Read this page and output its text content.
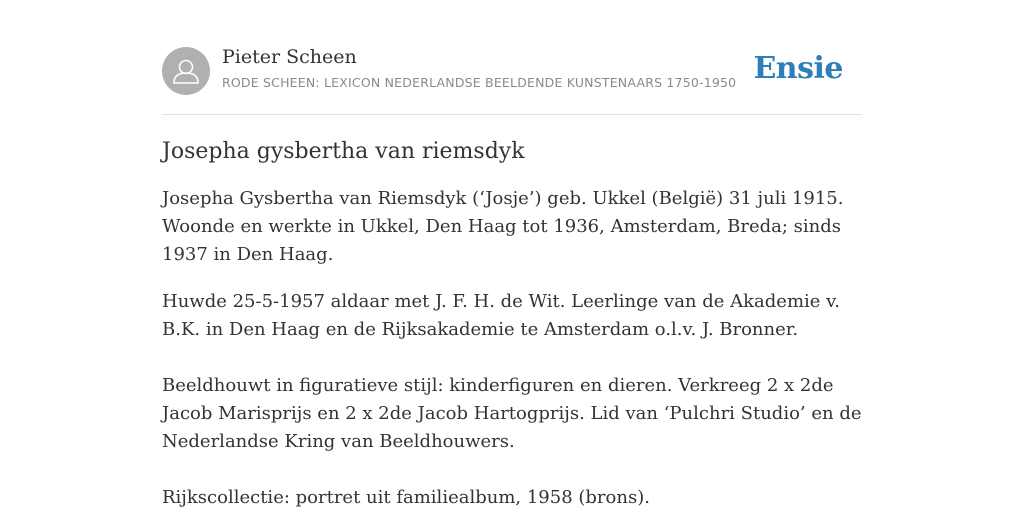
Pieter Scheen
RODE SCHEEN: LEXICON NEDERLANDSE BEELDENDE KUNSTENAARS 1750-1950 Ensie
Josepha gysbertha van riemsdyk

Josepha Gysbertha van Riemsdyk (‘Josje’) geb. Ukkel (België) 31 juli 1915. Woonde en werkte in Ukkel, Den Haag tot 1936, Amsterdam, Breda; sinds 1937 in Den Haag.

Huwde 25-5-1957 aldaar met J. F. H. de Wit. Leerlinge van de Akademie v. B.K. in Den Haag en de Rijksakademie te Amsterdam o.l.v. J. Bronner.

Beeldhouwt in figuratieve stijl: kinderfiguren en dieren. Verkreeg 2 x 2de Jacob Marisprijs en 2 x 2de Jacob Hartogprijs. Lid van ‘Pulchri Studio’ en de Nederlandse Kring van Beeldhouwers.

Rijkscollectie: portret uit familiealbum, 1958 (brons).
